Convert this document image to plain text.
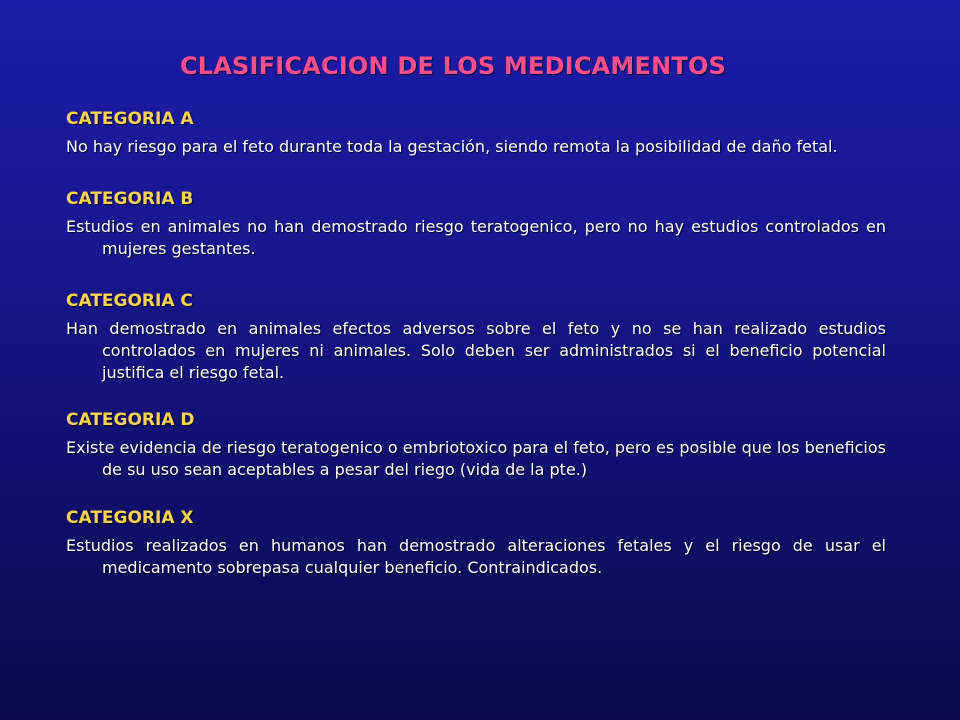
CLASIFICACION DE LOS MEDICAMENTOS
CATEGORIA A

No hay riesgo para el feto durante toda la gestación, siendo remota la posibilidad de daño fetal.

CATEGORIA B

Estudios en animales no han demostrado riesgo teratogenico, pero no hay estudios controlados en mujeres gestantes.

CATEGORIA C

Han demostrado en animales efectos adversos sobre el feto y no se han realizado estudios controlados en mujeres ni animales. Solo deben ser administrados si el beneficio potencial justifica el riesgo fetal.

CATEGORIA D

Existe evidencia de riesgo teratogenico o embriotoxico para el feto, pero es posible que los beneficios de su uso sean aceptables a pesar del riego (vida de la pte.)

CATEGORIA X

Estudios realizados en humanos han demostrado alteraciones fetales y el riesgo de usar el medicamento sobrepasa cualquier beneficio. Contraindicados.
